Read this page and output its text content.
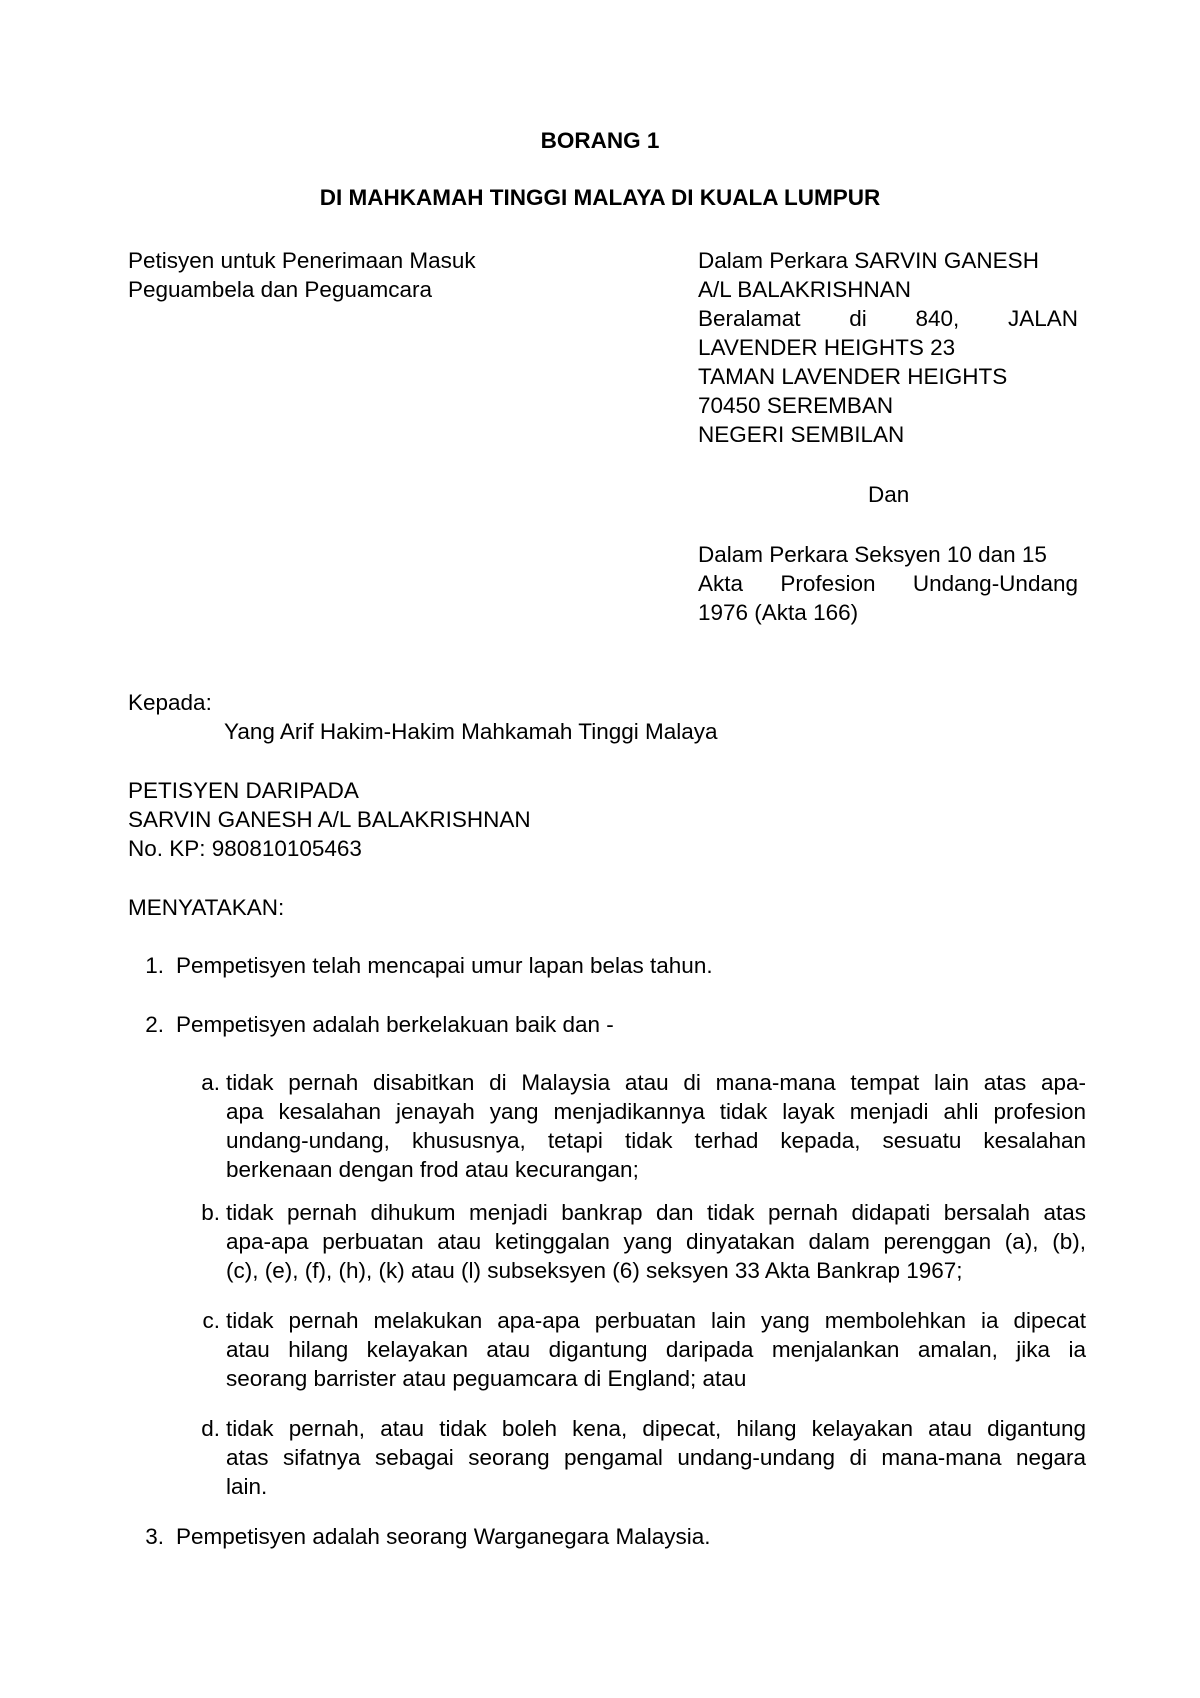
BORANG 1
DI MAHKAMAH TINGGI MALAYA DI KUALA LUMPUR
Petisyen untuk Penerimaan Masuk
Peguambela dan Peguamcara
Dalam Perkara SARVIN GANESH
A/L BALAKRISHNAN
Beralamat di 840, JALAN
LAVENDER HEIGHTS 23
TAMAN LAVENDER HEIGHTS
70450 SEREMBAN
NEGERI SEMBILAN
Dan
Dalam Perkara Seksyen 10 dan 15
Akta Profesion Undang-Undang
1976 (Akta 166)
Kepada:
Yang Arif Hakim-Hakim Mahkamah Tinggi Malaya
PETISYEN DARIPADA
SARVIN GANESH A/L BALAKRISHNAN
No. KP: 980810105463
MENYATAKAN:
1. Pempetisyen telah mencapai umur lapan belas tahun.
2. Pempetisyen adalah berkelakuan baik dan -
a. tidak pernah disabitkan di Malaysia atau di mana-mana tempat lain atas apa-
apa kesalahan jenayah yang menjadikannya tidak layak menjadi ahli profesion
undang-undang, khususnya, tetapi tidak terhad kepada, sesuatu kesalahan
berkenaan dengan frod atau kecurangan;
b. tidak pernah dihukum menjadi bankrap dan tidak pernah didapati bersalah atas
apa-apa perbuatan atau ketinggalan yang dinyatakan dalam perenggan (a), (b),
(c), (e), (f), (h), (k) atau (l) subseksyen (6) seksyen 33 Akta Bankrap 1967;
c. tidak pernah melakukan apa-apa perbuatan lain yang membolehkan ia dipecat
atau hilang kelayakan atau digantung daripada menjalankan amalan, jika ia
seorang barrister atau peguamcara di England; atau
d. tidak pernah, atau tidak boleh kena, dipecat, hilang kelayakan atau digantung
atas sifatnya sebagai seorang pengamal undang-undang di mana-mana negara
lain.
3. Pempetisyen adalah seorang Warganegara Malaysia.
